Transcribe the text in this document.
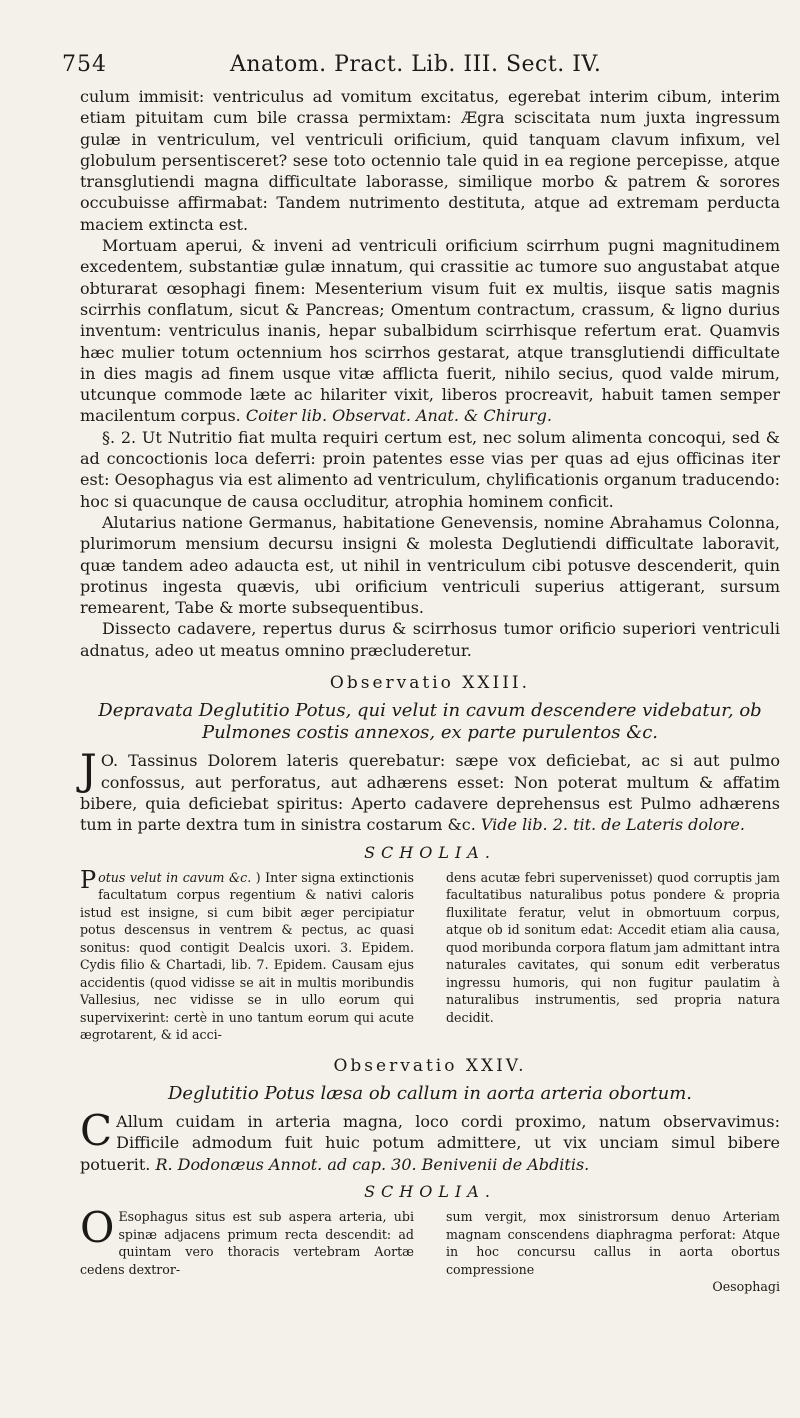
754	Anatom. Pract. Lib. III. Sect. IV.

culum immisit: ventriculus ad vomitum excitatus, egerebat interim cibum, interim etiam pituitam cum bile crassa permixtam: Ægra sciscitata num juxta ingressum gulæ in ventriculum, vel ventriculi orificium, quid tanquam clavum infixum, vel globulum persentisceret? sese toto octennio tale quid in ea regione percepisse, atque transglutiendi magna difficultate laborasse, similique morbo & patrem & sorores occubuisse affirmabat: Tandem nutrimento destituta, atque ad extremam perducta maciem extincta est.

Mortuam aperui, & inveni ad ventriculi orificium scirrhum pugni magnitudinem excedentem, substantiæ gulæ innatum, qui crassitie ac tumore suo angustabat atque obturarat œsophagi finem: Mesenterium visum fuit ex multis, iisque satis magnis scirrhis conflatum, sicut & Pancreas; Omentum contractum, crassum, & ligno durius inventum: ventriculus inanis, hepar subalbidum scirrhisque refertum erat. Quamvis hæc mulier totum octennium hos scirrhos gestarat, atque transglutiendi difficultate in dies magis ad finem usque vitæ afflicta fuerit, nihilo secius, quod valde mirum, utcunque commode læte ac hilariter vixit, liberos procreavit, habuit tamen semper macilentum corpus. Coiter lib. Observat. Anat. & Chirurg.

§. 2. Ut Nutritio fiat multa requiri certum est, nec solum alimenta concoqui, sed & ad concoctionis loca deferri: proin patentes esse vias per quas ad ejus officinas iter est: Oesophagus via est alimento ad ventriculum, chylificationis organum traducendo: hoc si quacunque de causa occluditur, atrophia hominem conficit.

Alutarius natione Germanus, habitatione Genevensis, nomine Abrahamus Colonna, plurimorum mensium decursu insigni & molesta Deglutiendi difficultate laboravit, quæ tandem adeo adaucta est, ut nihil in ventriculum cibi potusve descenderit, quin protinus ingesta quævis, ubi orificium ventriculi superius attigerant, sursum remearent, Tabe & morte subsequentibus.

Dissecto cadavere, repertus durus & scirrhosus tumor orificio superiori ventriculi adnatus, adeo ut meatus omnino præcluderetur.

Observatio XXIII.
Depravata Deglutitio Potus, qui velut in cavum descendere videbatur, ob Pulmones costis annexos, ex parte purulentos &c.

J O. Tassinus Dolorem lateris querebatur: sæpe vox deficiebat, ac si aut pulmo confossus, aut perforatus, aut adhærens esset: Non poterat multum & affatim bibere, quia deficiebat spiritus: Aperto cadavere deprehensus est Pulmo adhærens tum in parte dextra tum in sinistra costarum &c. Vide lib. 2. tit. de Lateris dolore.

SCHOLIA.
Potus velut in cavum &c. ) Inter signa extinctionis facultatum corpus regentium & nativi caloris istud est insigne, si cum bibit æger percipiatur potus descensus in ventrem & pectus, ac quasi sonitus: quod contigit Dealcis uxori. 3. Epidem. Cydis filio & Chartadi, lib. 7. Epidem. Causam ejus accidentis (quod vidisse se ait in multis moribundis Vallesius, nec vidisse se in ullo eorum qui supervixerint: certè in uno tantum eorum qui acute ægrotarent, & id acci-
dens acutæ febri supervenisset) quod corruptis jam facultatibus naturalibus potus pondere & propria fluxilitate feratur, velut in obmortuum corpus, atque ob id sonitum edat: Accedit etiam alia causa, quod moribunda corpora flatum jam admittant intra naturales cavitates, qui sonum edit verberatus ingressu humoris, qui non fugitur paulatim à naturalibus instrumentis, sed propria natura decidit.
Observatio XXIV.
Deglutitio Potus læsa ob callum in aorta arteria obortum.

C Allum cuidam in arteria magna, loco cordi proximo, natum observavimus: Difficile admodum fuit huic potum admittere, ut vix unciam simul bibere potuerit. R. Dodonæus Annot. ad cap. 30. Benivenii de Abditis.

SCHOLIA.
O Esophagus situs est sub aspera arteria, ubi spinæ adjacens primum recta descendit: ad quintam vero thoracis vertebram Aortæ cedens dextror-
sum vergit, mox sinistrorsum denuo Arteriam magnam conscendens diaphragma perforat: Atque in hoc concursu callus in aorta obortus compressione
Oesophagi
